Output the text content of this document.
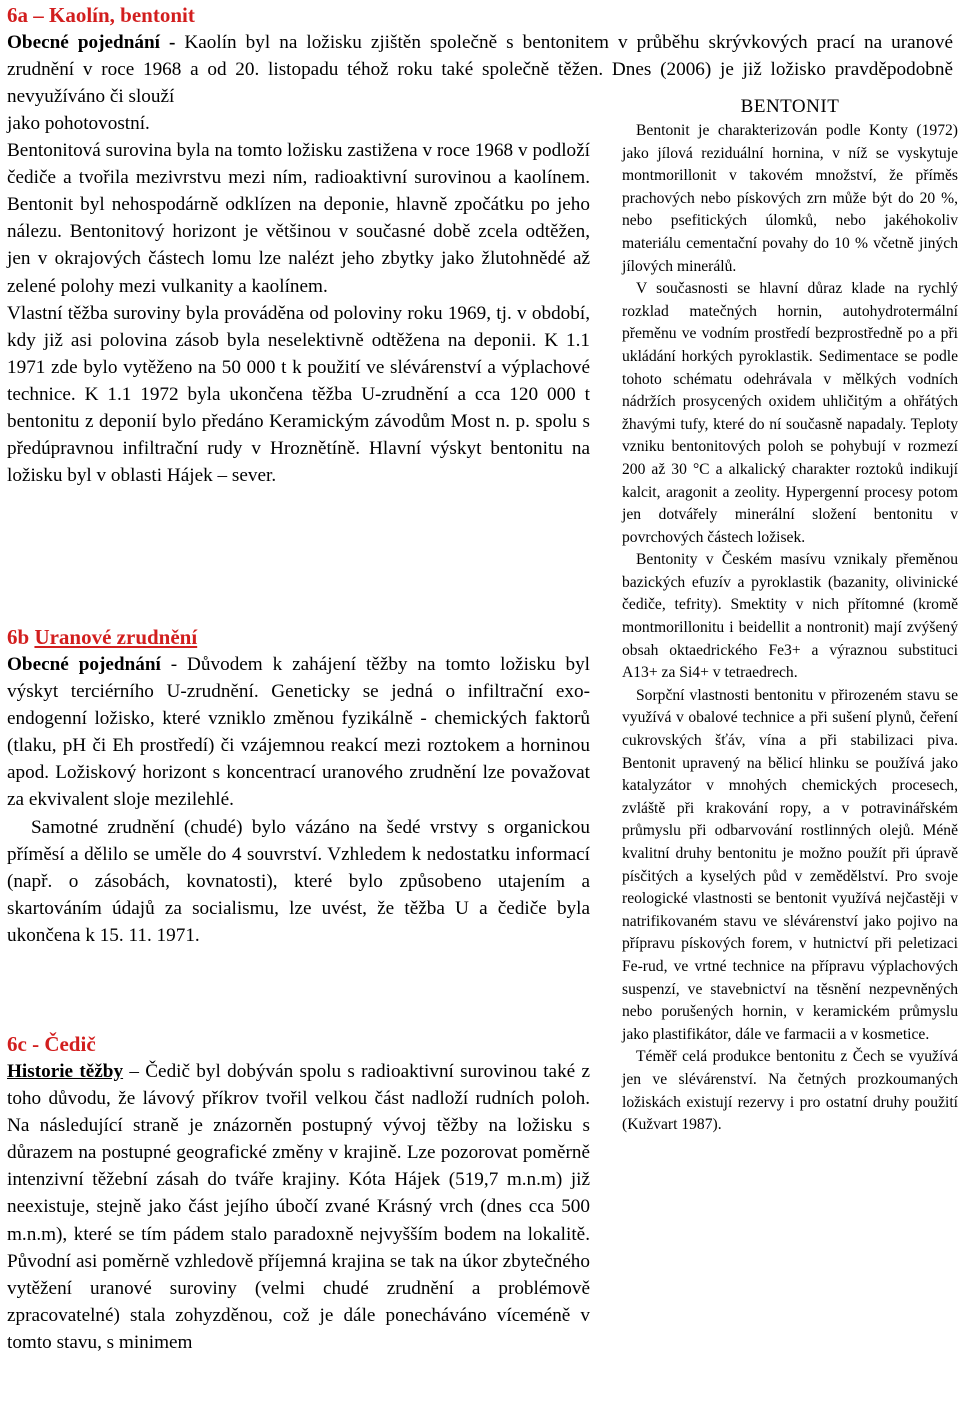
6a – Kaolín, bentonit

Obecné pojednání - Kaolín byl na ložisku zjištěn společně s bentonitem v průběhu skrývkových prací na uranové zrudnění v roce 1968 a od 20. listopadu téhož roku také společně těžen. Dnes (2006) je již ložisko pravděpodobně nevyužíváno či slouží

jako pohotovostní.

Bentonitová surovina byla na tomto ložisku zastižena v roce 1968 v podloží čediče a tvořila mezivrstvu mezi ním, radioaktivní surovinou a kaolínem. Bentonit byl nehospodárně odklízen na deponie, hlavně zpočátku po jeho nálezu. Bentonitový horizont je většinou v současné době zcela odtěžen, jen v okrajových částech lomu lze nalézt jeho zbytky jako žlutohnědé až zelené polohy mezi vulkanity a kaolínem.

Vlastní těžba suroviny byla prováděna od poloviny roku 1969, tj. v období, kdy již asi polovina zásob byla neselektivně odtěžena na deponii. K 1.1 1971 zde bylo vytěženo na 50 000 t k použití ve slévárenství a výplachové technice. K 1.1 1972 byla ukončena těžba U-zrudnění a cca 120 000 t bentonitu z deponií bylo předáno Keramickým závodům Most n. p. spolu s předúpravnou infiltrační rudy v Hroznětíně. Hlavní výskyt bentonitu na ložisku byl v oblasti Hájek – sever.

6b Uranové zrudnění

Obecné pojednání - Důvodem k zahájení těžby na tomto ložisku byl výskyt terciérního U-zrudnění. Geneticky se jedná o infiltrační exo-endogenní ložisko, které vzniklo změnou fyzikálně - chemických faktorů (tlaku, pH či Eh prostředí) či vzájemnou reakcí mezi roztokem a horninou apod. Ložiskový horizont s koncentrací uranového zrudnění lze považovat za ekvivalent sloje mezilehlé.

Samotné zrudnění (chudé) bylo vázáno na šedé vrstvy s organickou příměsí a dělilo se uměle do 4 souvrství. Vzhledem k nedostatku informací (např. o zásobách, kovnatosti), které bylo způsobeno utajením a skartováním údajů za socialismu, lze uvést, že těžba U a čediče byla ukončena k 15. 11. 1971.

6c - Čedič

Historie těžby – Čedič byl dobýván spolu s radioaktivní surovinou také z toho důvodu, že lávový příkrov tvořil velkou část nadloží rudních poloh. Na následující straně je znázorněn postupný vývoj těžby na ložisku s důrazem na postupné geografické změny v krajině. Lze pozorovat poměrně intenzivní těžební zásah do tváře krajiny. Kóta Hájek (519,7 m.n.m) již neexistuje, stejně jako část jejího úbočí zvané Krásný vrch (dnes cca 500 m.n.m), které se tím pádem stalo paradoxně nejvyšším bodem na lokalitě. Původní asi poměrně vzhledově příjemná krajina se tak na úkor zbytečného vytěžení uranové suroviny (velmi chudé zrudnění a problémově zpracovatelné) stala zohyzděnou, což je dále ponecháváno víceméně v tomto stavu, s minimem

BENTONIT

Bentonit je charakterizován podle Konty (1972) jako jílová reziduální hornina, v níž se vyskytuje montmorillonit v takovém množství, že příměs prachových nebo pískových zrn může být do 20 %, nebo psefitických úlomků, nebo jakéhokoliv materiálu cementační povahy do 10 % včetně jiných jílových minerálů.

V současnosti se hlavní důraz klade na rychlý rozklad matečných hornin, autohydrotermální přeměnu ve vodním prostředí bezprostředně po a při ukládání horkých pyroklastik. Sedimentace se podle tohoto schématu odehrávala v mělkých vodních nádržích prosycených oxidem uhličitým a ohřátých žhavými tufy, které do ní současně napadaly. Teploty vzniku bentonitových poloh se pohybují v rozmezí 200 až 30 °C a alkalický charakter roztoků indikují kalcit, aragonit a zeolity. Hypergenní procesy potom jen dotvářely minerální složení bentonitu v povrchových částech ložisek.

Bentonity v Českém masívu vznikaly přeměnou bazických efuzív a pyroklastik (bazanity, olivinické čediče, tefrity). Smektity v nich přítomné (kromě montmorillonitu i beidellit a nontronit) mají zvýšený obsah oktaedrického Fe3+ a výraznou substituci A13+ za Si4+ v tetraedrech.

Sorpční vlastnosti bentonitu v přirozeném stavu se využívá v obalové technice a při sušení plynů, čeření cukrovských šťáv, vína a při stabilizaci piva. Bentonit upravený na bělicí hlinku se používá jako katalyzátor v mnohých chemických procesech, zvláště při krakování ropy, a v potravinářském průmyslu při odbarvování rostlinných olejů. Méně kvalitní druhy bentonitu je možno použít při úpravě písčitých a kyselých půd v zemědělství. Pro svoje reologické vlastnosti se bentonit využívá nejčastěji v natrifikovaném stavu ve slévárenství jako pojivo na přípravu pískových forem, v hutnictví při peletizaci Fe-rud, ve vrtné technice na přípravu výplachových suspenzí, ve stavebnictví na těsnění nezpevněných nebo porušených hornin, v keramickém průmyslu jako plastifikátor, dále ve farmacii a v kosmetice.

Téměř celá produkce bentonitu z Čech se využívá jen ve slévárenství. Na četných prozkoumaných ložiskách existují rezervy i pro ostatní druhy použití (Kužvart 1987).
